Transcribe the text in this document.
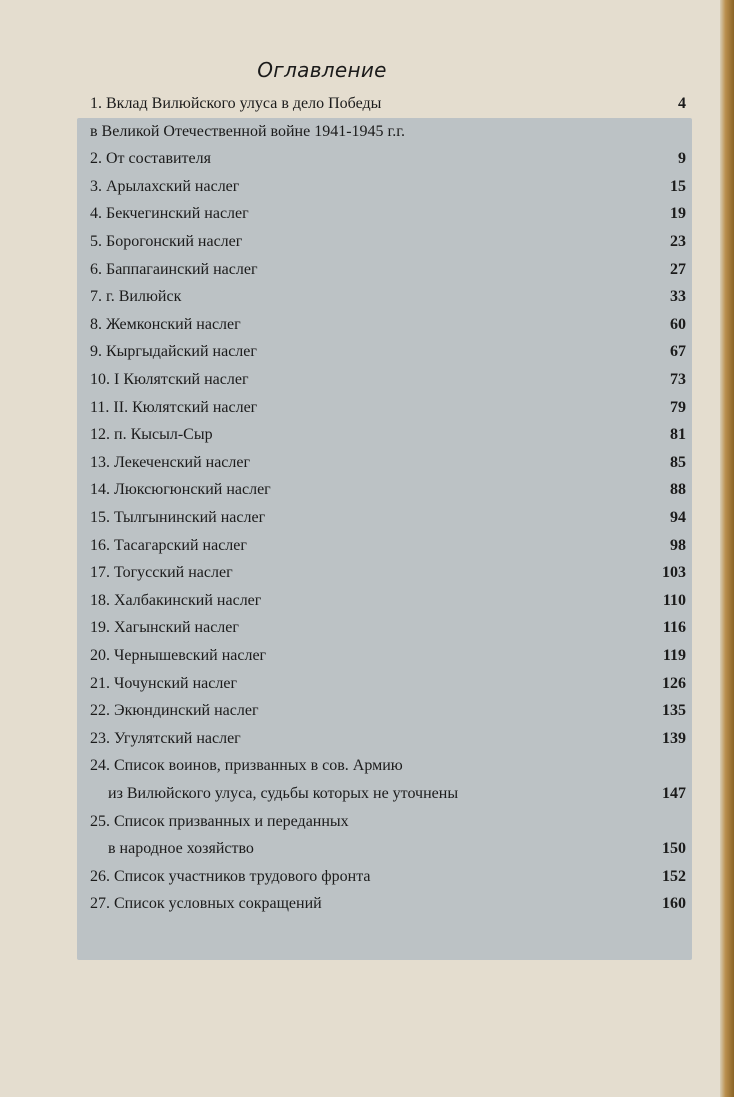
Оглавление
1. Вклад Вилюйского улуса в дело Победы	4
в Великой Отечественной войне 1941-1945 г.г.
2. От составителя	9
3. Арылахский наслег	15
4. Бекчегинский наслег	19
5. Борогонский наслег	23
6. Баппагаинский наслег	27
7. г. Вилюйск	33
8. Жемконский наслег	60
9. Кыргыдайский наслег	67
10. I Кюлятский наслег	73
11. II. Кюлятский наслег	79
12. п. Кысыл-Сыр	81
13. Лекеченский наслег	85
14. Люксюгюнский наслег	88
15. Тылгынинский наслег	94
16. Тасагарский наслег	98
17. Тогусский наслег	103
18. Халбакинский наслег	110
19. Хагынский наслег	116
20. Чернышевский наслег	119
21. Чочунский наслег	126
22. Экюндинский наслег	135
23. Угулятский наслег	139
24. Список воинов, призванных в сов. Армию
из Вилюйского улуса, судьбы которых не уточнены	147
25. Список призванных и переданных
в народное хозяйство	150
26. Список участников трудового фронта	152
27. Список условных сокращений	160
